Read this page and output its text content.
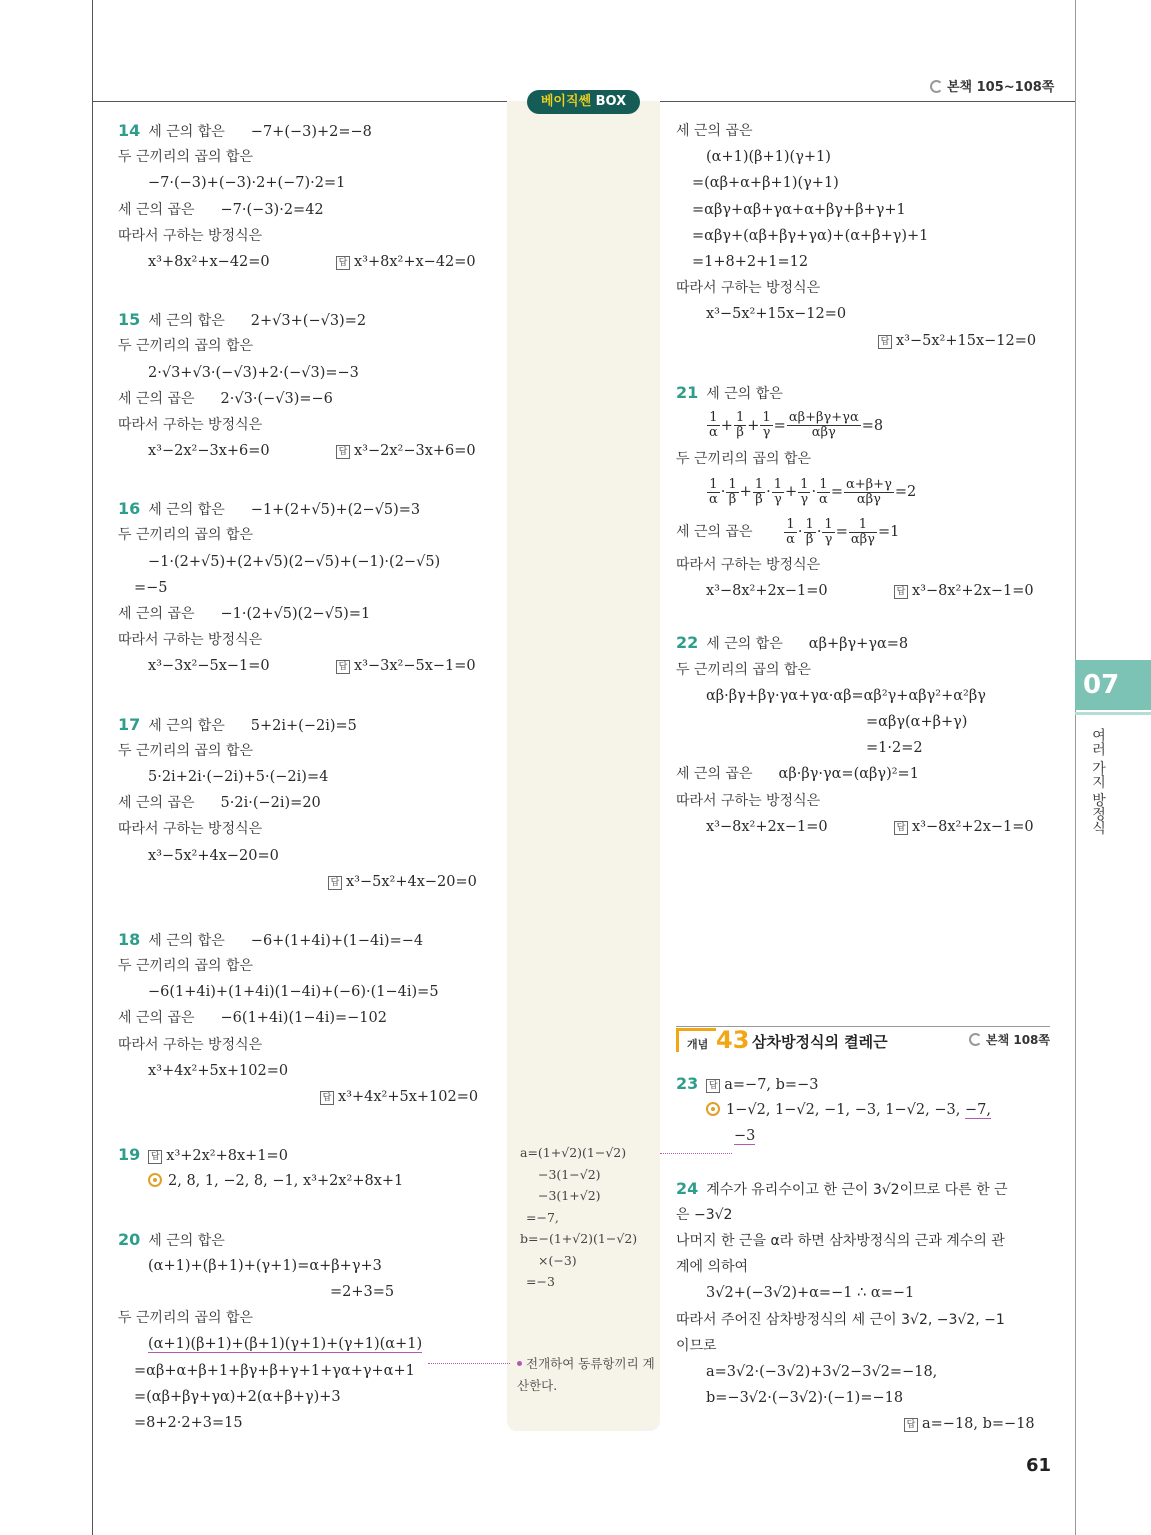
본책 105~108쪽
베이직쎈 BOX
14 세 근의 합은 −7+(−3)+2=−8
두 근끼리의 곱의 합은
−7·(−3)+(−3)·2+(−7)·2=1
세 근의 곱은 −7·(−3)·2=42
따라서 구하는 방정식은
x³+8x²+x−42=0	답 x³+8x²+x−42=0
15 세 근의 합은 2+√3+(−√3)=2
두 근끼리의 곱의 합은
2·√3+√3·(−√3)+2·(−√3)=−3
세 근의 곱은 2·√3·(−√3)=−6
따라서 구하는 방정식은
x³−2x²−3x+6=0	답 x³−2x²−3x+6=0
16 세 근의 합은 −1+(2+√5)+(2−√5)=3
두 근끼리의 곱의 합은
−1·(2+√5)+(2+√5)(2−√5)+(−1)·(2−√5)
=−5
세 근의 곱은 −1·(2+√5)(2−√5)=1
따라서 구하는 방정식은
x³−3x²−5x−1=0	답 x³−3x²−5x−1=0
17 세 근의 합은 5+2i+(−2i)=5
두 근끼리의 곱의 합은
5·2i+2i·(−2i)+5·(−2i)=4
세 근의 곱은 5·2i·(−2i)=20
따라서 구하는 방정식은
x³−5x²+4x−20=0
답 x³−5x²+4x−20=0
18 세 근의 합은 −6+(1+4i)+(1−4i)=−4
두 근끼리의 곱의 합은
−6(1+4i)+(1+4i)(1−4i)+(−6)·(1−4i)=5
세 근의 곱은 −6(1+4i)(1−4i)=−102
따라서 구하는 방정식은
x³+4x²+5x+102=0
답 x³+4x²+5x+102=0
19 답 x³+2x²+8x+1=0
2, 8, 1, −2, 8, −1, x³+2x²+8x+1
20 세 근의 합은
(α+1)+(β+1)+(γ+1)=α+β+γ+3
=2+3=5
두 근끼리의 곱의 합은
(α+1)(β+1)+(β+1)(γ+1)+(γ+1)(α+1)
=αβ+α+β+1+βγ+β+γ+1+γα+γ+α+1
=(αβ+βγ+γα)+2(α+β+γ)+3
=8+2·2+3=15
a=(1+√2)(1−√2)
−3(1−√2)
−3(1+√2)
=−7,
b=−(1+√2)(1−√2)
×(−3)
=−3
전개하여 동류항끼리 계
산한다.
세 근의 곱은
(α+1)(β+1)(γ+1)
=(αβ+α+β+1)(γ+1)
=αβγ+αβ+γα+α+βγ+β+γ+1
=αβγ+(αβ+βγ+γα)+(α+β+γ)+1
=1+8+2+1=12
따라서 구하는 방정식은
x³−5x²+15x−12=0
답 x³−5x²+15x−12=0
21 세 근의 합은
$\frac{1}{\alpha} + \frac{1}{\beta} + \frac{1}{\gamma} = \frac{\alpha\beta+\beta\gamma+\gamma\alpha}{\text{αβγ}} =8$
두 근끼리의 곱의 합은
$\frac{1}{\alpha} \cdot \frac{1}{\beta} + \frac{1}{\beta} \cdot \frac{1}{\gamma} + \frac{1}{\gamma} \cdot \frac{1}{\alpha} = \frac{\alpha+\beta+\gamma}{\text{αβγ}} =2$
세 근의 곱은 $\frac{1}{\alpha} \cdot \frac{1}{\beta} \cdot \frac{1}{\gamma} = \frac{1}{\text{αβγ}} =1$
따라서 구하는 방정식은
x³−8x²+2x−1=0	답 x³−8x²+2x−1=0
22 세 근의 합은 αβ+βγ+γα=8
두 근끼리의 곱의 합은
αβ·βγ+βγ·γα+γα·αβ=αβ²γ+αβγ²+α²βγ
=αβγ(α+β+γ)
=1·2=2
세 근의 곱은 αβ·βγ·γα=(αβγ)²=1
따라서 구하는 방정식은
x³−8x²+2x−1=0	답 x³−8x²+2x−1=0
개념 43 삼차방정식의 켤레근	본책 108쪽
23 답 a=−7, b=−3
1−√2, 1−√2, −1, −3, 1−√2, −3, −7,
−3
24 계수가 유리수이고 한 근이 3√2이므로 다른 한 근
은 −3√2
나머지 한 근을 α라 하면 삼차방정식의 근과 계수의 관
계에 의하여
3√2+(−3√2)+α=−1 ∴ α=−1
따라서 주어진 삼차방정식의 세 근이 3√2, −3√2, −1
이므로
a=3√2·(−3√2)+3√2−3√2=−18,
b=−3√2·(−3√2)·(−1)=−18
답 a=−18, b=−18
07
여러 가지 방정식
61
